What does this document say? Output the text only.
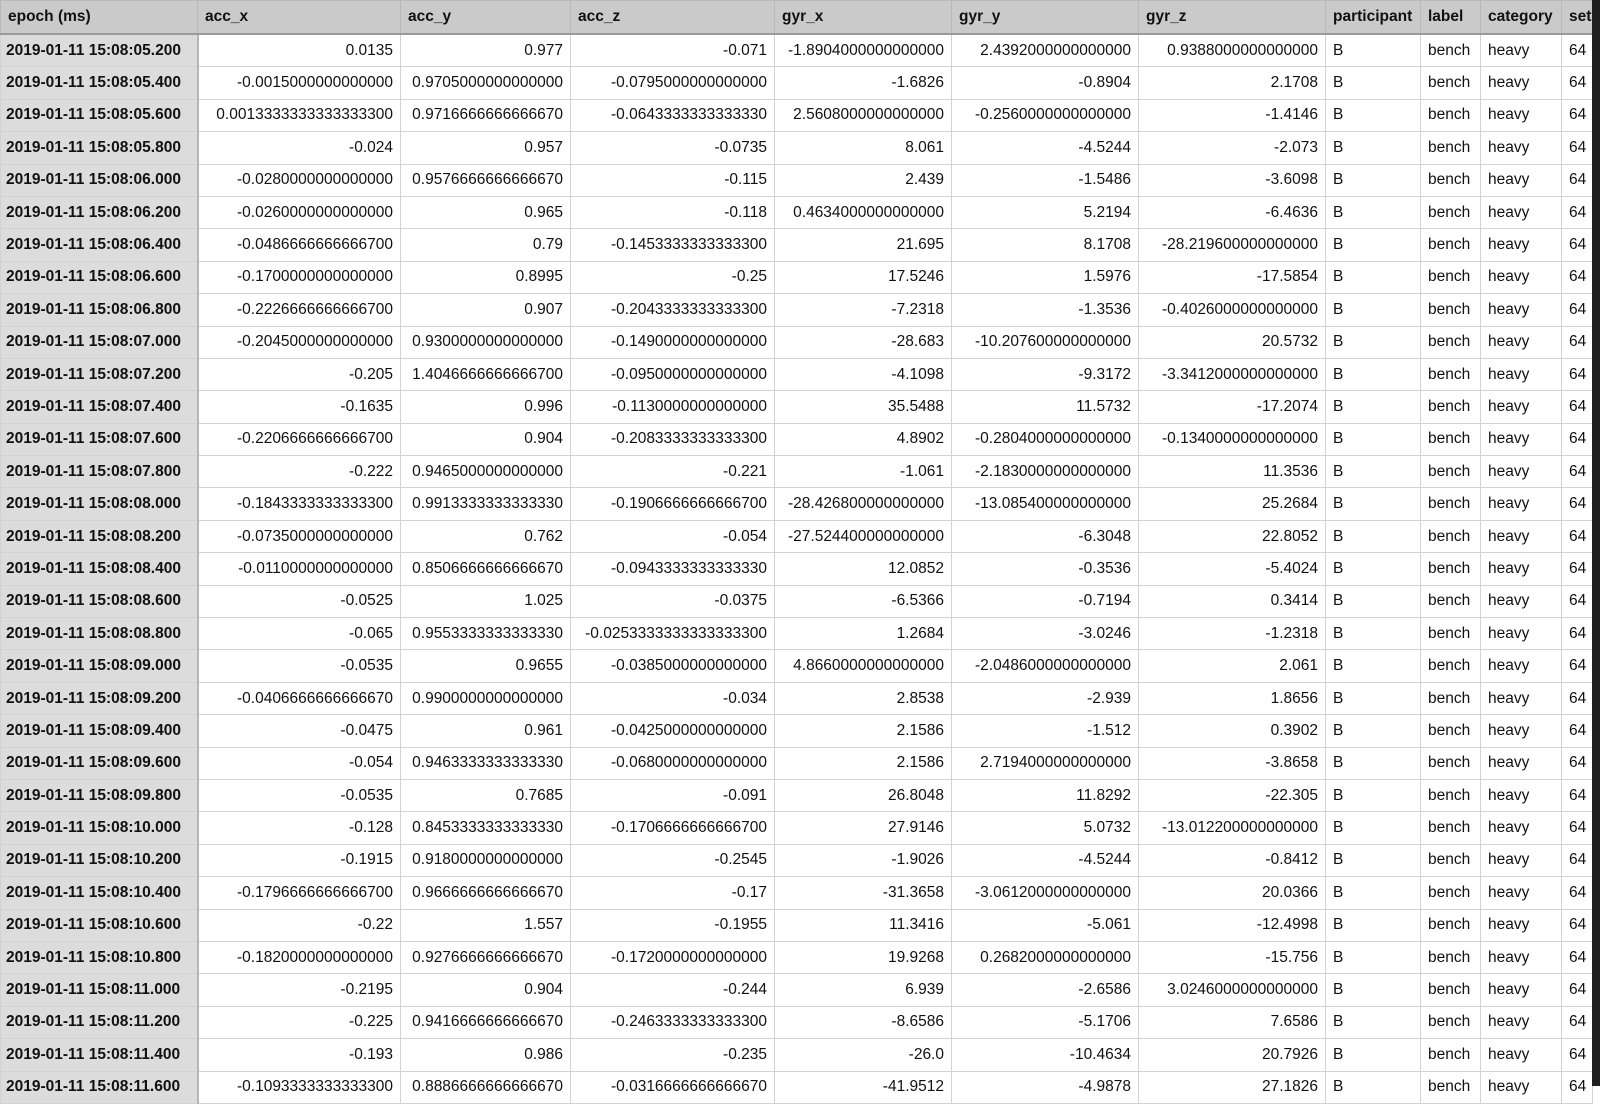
epoch (ms)	acc_x	acc_y	acc_z	gyr_x	gyr_y	gyr_z	participant	label	category	set
2019-01-11 15:08:05.200	0.0135	0.977	-0.071	-1.8904000000000000	2.4392000000000000	0.9388000000000000	B	bench	heavy	64
2019-01-11 15:08:05.400	-0.0015000000000000	0.9705000000000000	-0.0795000000000000	-1.6826	-0.8904	2.1708	B	bench	heavy	64
2019-01-11 15:08:05.600	0.0013333333333333300	0.9716666666666670	-0.0643333333333330	2.5608000000000000	-0.2560000000000000	-1.4146	B	bench	heavy	64
2019-01-11 15:08:05.800	-0.024	0.957	-0.0735	8.061	-4.5244	-2.073	B	bench	heavy	64
2019-01-11 15:08:06.000	-0.0280000000000000	0.9576666666666670	-0.115	2.439	-1.5486	-3.6098	B	bench	heavy	64
2019-01-11 15:08:06.200	-0.0260000000000000	0.965	-0.118	0.4634000000000000	5.2194	-6.4636	B	bench	heavy	64
2019-01-11 15:08:06.400	-0.0486666666666700	0.79	-0.1453333333333300	21.695	8.1708	-28.219600000000000	B	bench	heavy	64
2019-01-11 15:08:06.600	-0.1700000000000000	0.8995	-0.25	17.5246	1.5976	-17.5854	B	bench	heavy	64
2019-01-11 15:08:06.800	-0.2226666666666700	0.907	-0.2043333333333300	-7.2318	-1.3536	-0.4026000000000000	B	bench	heavy	64
2019-01-11 15:08:07.000	-0.2045000000000000	0.9300000000000000	-0.1490000000000000	-28.683	-10.207600000000000	20.5732	B	bench	heavy	64
2019-01-11 15:08:07.200	-0.205	1.4046666666666700	-0.0950000000000000	-4.1098	-9.3172	-3.3412000000000000	B	bench	heavy	64
2019-01-11 15:08:07.400	-0.1635	0.996	-0.1130000000000000	35.5488	11.5732	-17.2074	B	bench	heavy	64
2019-01-11 15:08:07.600	-0.2206666666666700	0.904	-0.2083333333333300	4.8902	-0.2804000000000000	-0.1340000000000000	B	bench	heavy	64
2019-01-11 15:08:07.800	-0.222	0.9465000000000000	-0.221	-1.061	-2.1830000000000000	11.3536	B	bench	heavy	64
2019-01-11 15:08:08.000	-0.1843333333333300	0.9913333333333330	-0.1906666666666700	-28.426800000000000	-13.085400000000000	25.2684	B	bench	heavy	64
2019-01-11 15:08:08.200	-0.0735000000000000	0.762	-0.054	-27.524400000000000	-6.3048	22.8052	B	bench	heavy	64
2019-01-11 15:08:08.400	-0.0110000000000000	0.8506666666666670	-0.0943333333333330	12.0852	-0.3536	-5.4024	B	bench	heavy	64
2019-01-11 15:08:08.600	-0.0525	1.025	-0.0375	-6.5366	-0.7194	0.3414	B	bench	heavy	64
2019-01-11 15:08:08.800	-0.065	0.9553333333333330	-0.0253333333333333300	1.2684	-3.0246	-1.2318	B	bench	heavy	64
2019-01-11 15:08:09.000	-0.0535	0.9655	-0.0385000000000000	4.8660000000000000	-2.0486000000000000	2.061	B	bench	heavy	64
2019-01-11 15:08:09.200	-0.0406666666666670	0.9900000000000000	-0.034	2.8538	-2.939	1.8656	B	bench	heavy	64
2019-01-11 15:08:09.400	-0.0475	0.961	-0.0425000000000000	2.1586	-1.512	0.3902	B	bench	heavy	64
2019-01-11 15:08:09.600	-0.054	0.9463333333333330	-0.0680000000000000	2.1586	2.7194000000000000	-3.8658	B	bench	heavy	64
2019-01-11 15:08:09.800	-0.0535	0.7685	-0.091	26.8048	11.8292	-22.305	B	bench	heavy	64
2019-01-11 15:08:10.000	-0.128	0.8453333333333330	-0.1706666666666700	27.9146	5.0732	-13.012200000000000	B	bench	heavy	64
2019-01-11 15:08:10.200	-0.1915	0.9180000000000000	-0.2545	-1.9026	-4.5244	-0.8412	B	bench	heavy	64
2019-01-11 15:08:10.400	-0.1796666666666700	0.9666666666666670	-0.17	-31.3658	-3.0612000000000000	20.0366	B	bench	heavy	64
2019-01-11 15:08:10.600	-0.22	1.557	-0.1955	11.3416	-5.061	-12.4998	B	bench	heavy	64
2019-01-11 15:08:10.800	-0.1820000000000000	0.9276666666666670	-0.1720000000000000	19.9268	0.2682000000000000	-15.756	B	bench	heavy	64
2019-01-11 15:08:11.000	-0.2195	0.904	-0.244	6.939	-2.6586	3.0246000000000000	B	bench	heavy	64
2019-01-11 15:08:11.200	-0.225	0.9416666666666670	-0.2463333333333300	-8.6586	-5.1706	7.6586	B	bench	heavy	64
2019-01-11 15:08:11.400	-0.193	0.986	-0.235	-26.0	-10.4634	20.7926	B	bench	heavy	64
2019-01-11 15:08:11.600	-0.1093333333333300	0.8886666666666670	-0.0316666666666670	-41.9512	-4.9878	27.1826	B	bench	heavy	64
